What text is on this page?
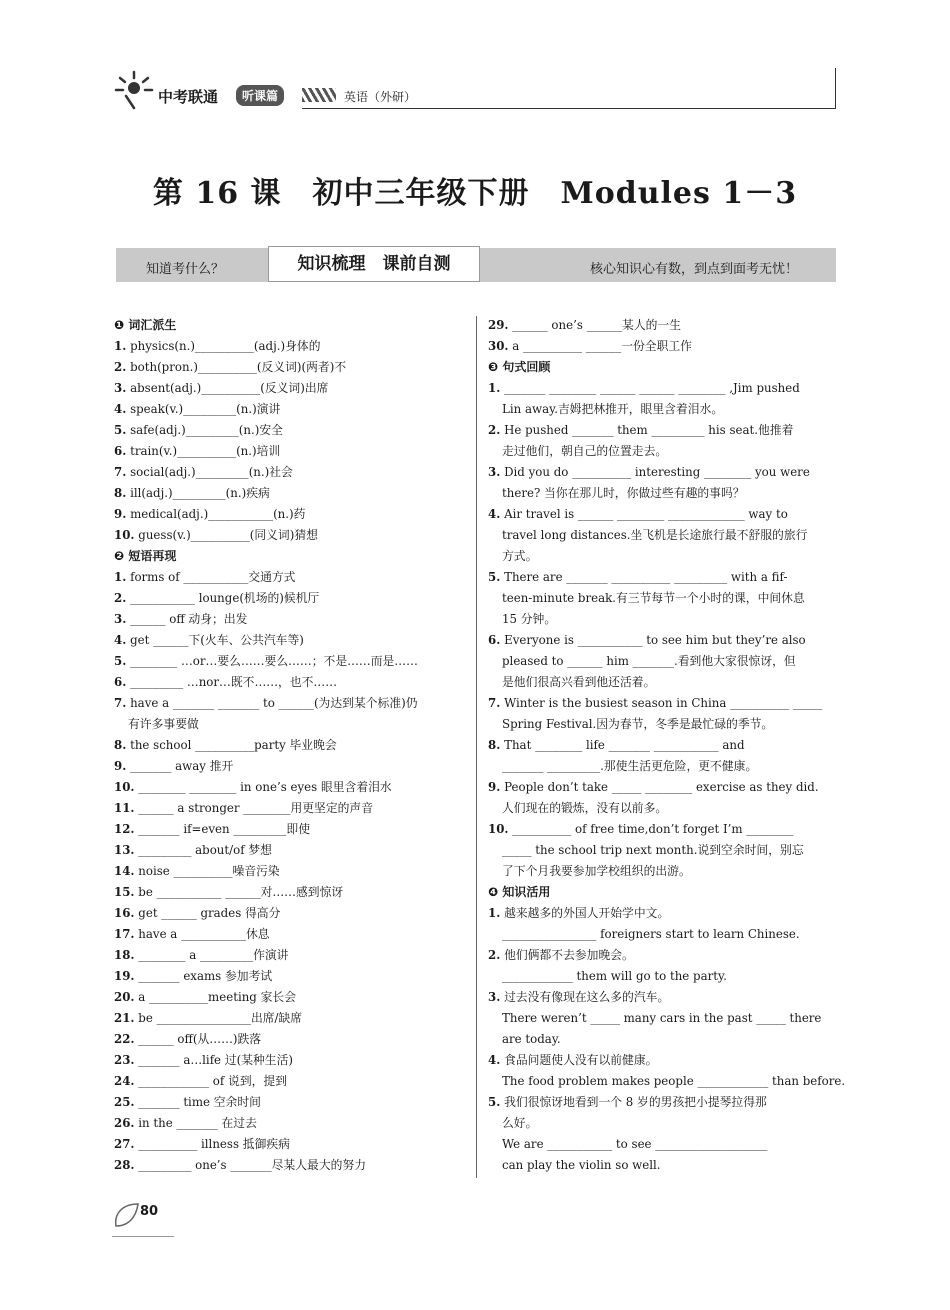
中考联通	听课篇	英语（外研）
第 16 课　初中三年级下册　Modules 1－3
知道考什么？	知识梳理　课前自测	核心知识心有数，到点到面考无忧！
❶ 词汇派生
1. physics(n.)__________(adj.)身体的
2. both(pron.)__________(反义词)(两者)不
3. absent(adj.)__________(反义词)出席
4. speak(v.)_________(n.)演讲
5. safe(adj.)_________(n.)安全
6. train(v.)__________(n.)培训
7. social(adj.)_________(n.)社会
8. ill(adj.)_________(n.)疾病
9. medical(adj.)___________(n.)药
10. guess(v.)__________(同义词)猜想
❷ 短语再现
1. forms of ___________交通方式
2. ___________ lounge(机场的)候机厅
3. ______ off 动身；出发
4. get ______下(火车、公共汽车等)
5. ________ …or…要么……要么……；不是……而是……
6. _________ …nor…既不……，也不……
7. have a _______ _______ to ______(为达到某个标准)仍
有许多事要做
8. the school __________party 毕业晚会
9. _______ away 推开
10. ________ ________ in one’s eyes 眼里含着泪水
11. ______ a stronger ________用更坚定的声音
12. _______ if=even _________即使
13. _________ about/of 梦想
14. noise __________噪音污染
15. be ___________ ______对……感到惊讶
16. get ______ grades 得高分
17. have a ___________休息
18. ________ a _________作演讲
19. _______ exams 参加考试
20. a __________meeting 家长会
21. be ________________出席/缺席
22. ______ off(从……)跌落
23. _______ a…life 过(某种生活)
24. ____________ of 说到，提到
25. _______ time 空余时间
26. in the _______ 在过去
27. __________ illness 抵御疾病
28. _________ one’s _______尽某人最大的努力
29. ______ one’s ______某人的一生
30. a __________ ______一份全职工作
❸ 句式回顾
1. _______ ________ ______ ______ ________ ,Jim pushed
Lin away.吉姆把林推开，眼里含着泪水。
2. He pushed _______ them _________ his seat.他推着
走过他们，朝自己的位置走去。
3. Did you do __________ interesting ________ you were
there? 当你在那儿时，你做过些有趣的事吗？
4. Air travel is ______ ________ _____________ way to
travel long distances.坐飞机是长途旅行最不舒服的旅行
方式。
5. There are _______ __________ _________ with a fif-
teen-minute break.有三节每节一个小时的课，中间休息
15 分钟。
6. Everyone is ___________ to see him but they’re also
pleased to ______ him _______.看到他大家很惊讶，但
是他们很高兴看到他还活着。
7. Winter is the busiest season in China __________ _____
Spring Festival.因为春节，冬季是最忙碌的季节。
8. That ________ life _______ ___________ and
_______ _________.那使生活更危险，更不健康。
9. People don’t take _____ ________ exercise as they did.
人们现在的锻炼，没有以前多。
10. __________ of free time,don’t forget I’m ________
_____ the school trip next month.说到空余时间，别忘
了下个月我要参加学校组织的出游。
❹ 知识活用
1. 越来越多的外国人开始学中文。
________________ foreigners start to learn Chinese.
2. 他们俩都不去参加晚会。
____________ them will go to the party.
3. 过去没有像现在这么多的汽车。
There weren’t _____ many cars in the past _____ there
are today.
4. 食品问题使人没有以前健康。
The food problem makes people ____________ than before.
5. 我们很惊讶地看到一个 8 岁的男孩把小提琴拉得那
么好。
We are ___________ to see ___________________
can play the violin so well.
80
